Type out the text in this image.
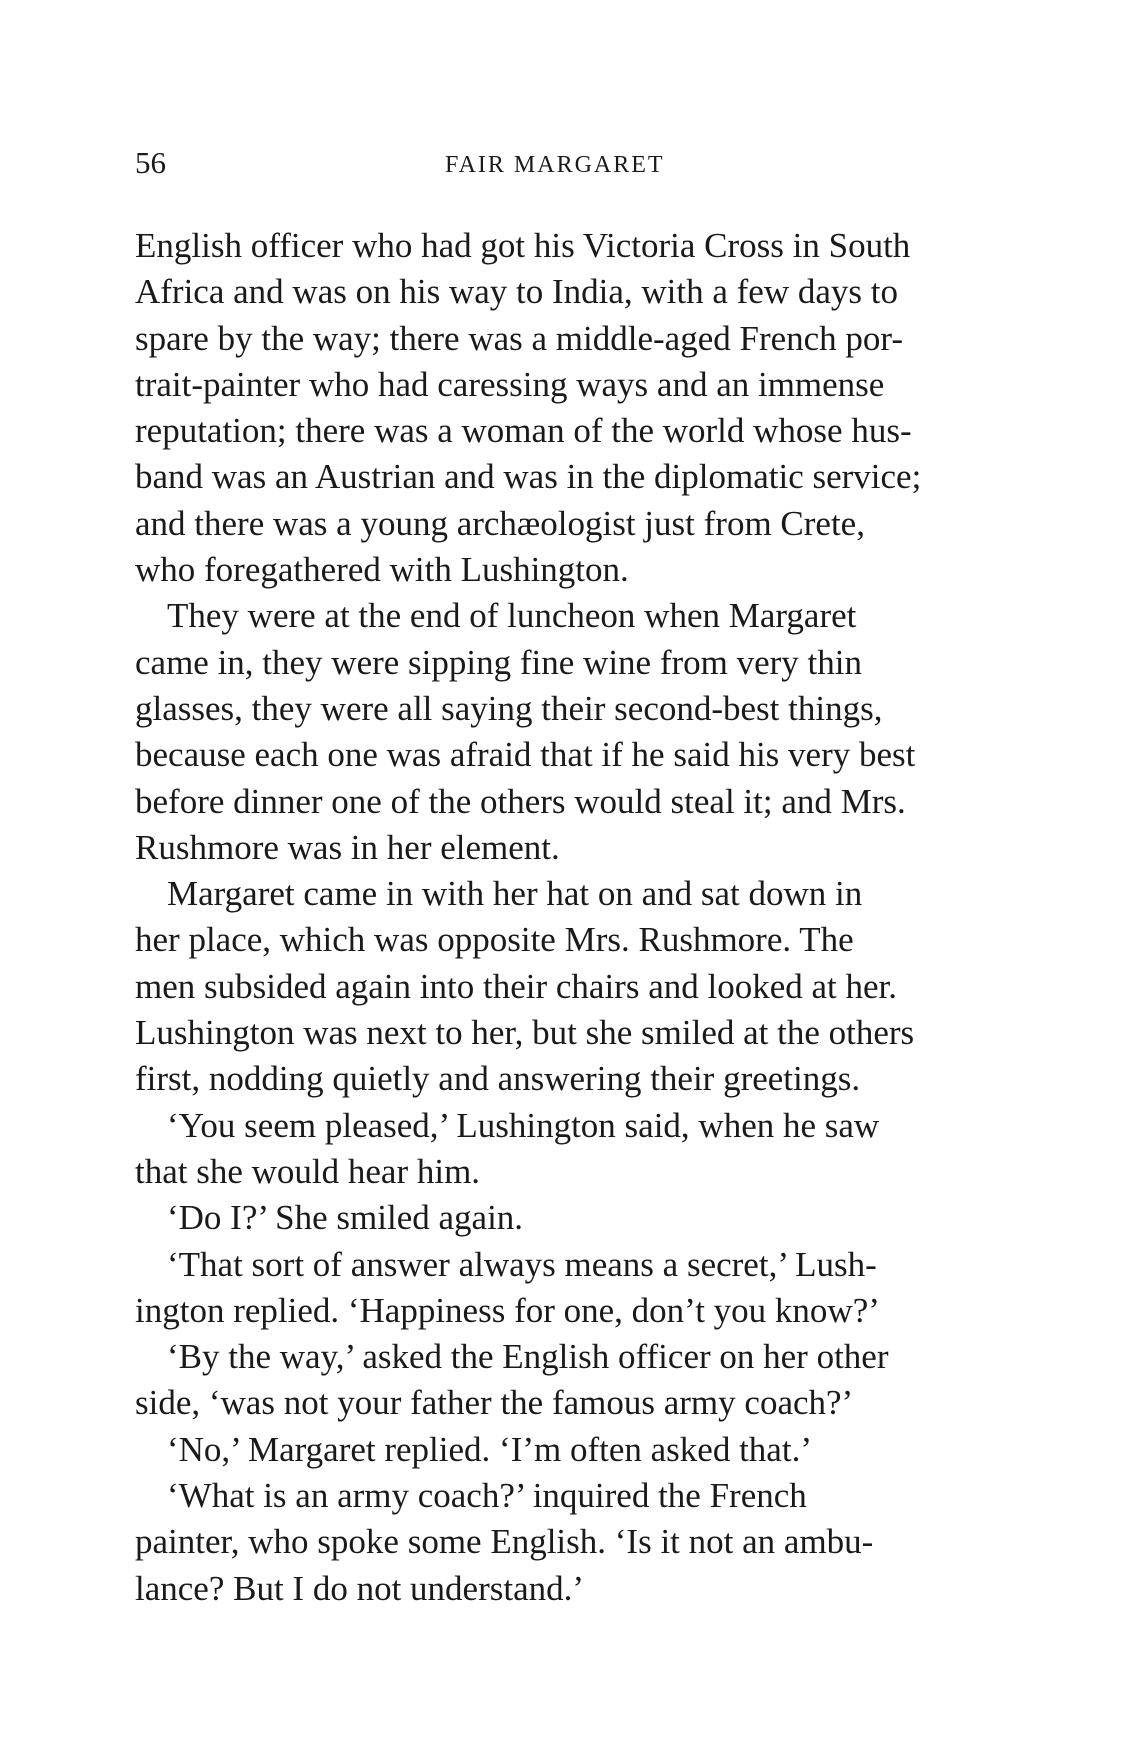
56	FAIR MARGARET

English officer who had got his Victoria Cross in South
Africa and was on his way to India, with a few days to
spare by the way; there was a middle-aged French por-
trait-painter who had caressing ways and an immense
reputation; there was a woman of the world whose hus-
band was an Austrian and was in the diplomatic service;
and there was a young archæologist just from Crete,
who foregathered with Lushington.

They were at the end of luncheon when Margaret
came in, they were sipping fine wine from very thin
glasses, they were all saying their second-best things,
because each one was afraid that if he said his very best
before dinner one of the others would steal it; and Mrs.
Rushmore was in her element.

Margaret came in with her hat on and sat down in
her place, which was opposite Mrs. Rushmore. The
men subsided again into their chairs and looked at her.
Lushington was next to her, but she smiled at the others
first, nodding quietly and answering their greetings.

‘You seem pleased,’ Lushington said, when he saw
that she would hear him.

‘Do I?’ She smiled again.

‘That sort of answer always means a secret,’ Lush-
ington replied. ‘Happiness for one, don’t you know?’

‘By the way,’ asked the English officer on her other
side, ‘was not your father the famous army coach?’

‘No,’ Margaret replied. ‘I’m often asked that.’

‘What is an army coach?’ inquired the French
painter, who spoke some English. ‘Is it not an ambu-
lance? But I do not understand.’
